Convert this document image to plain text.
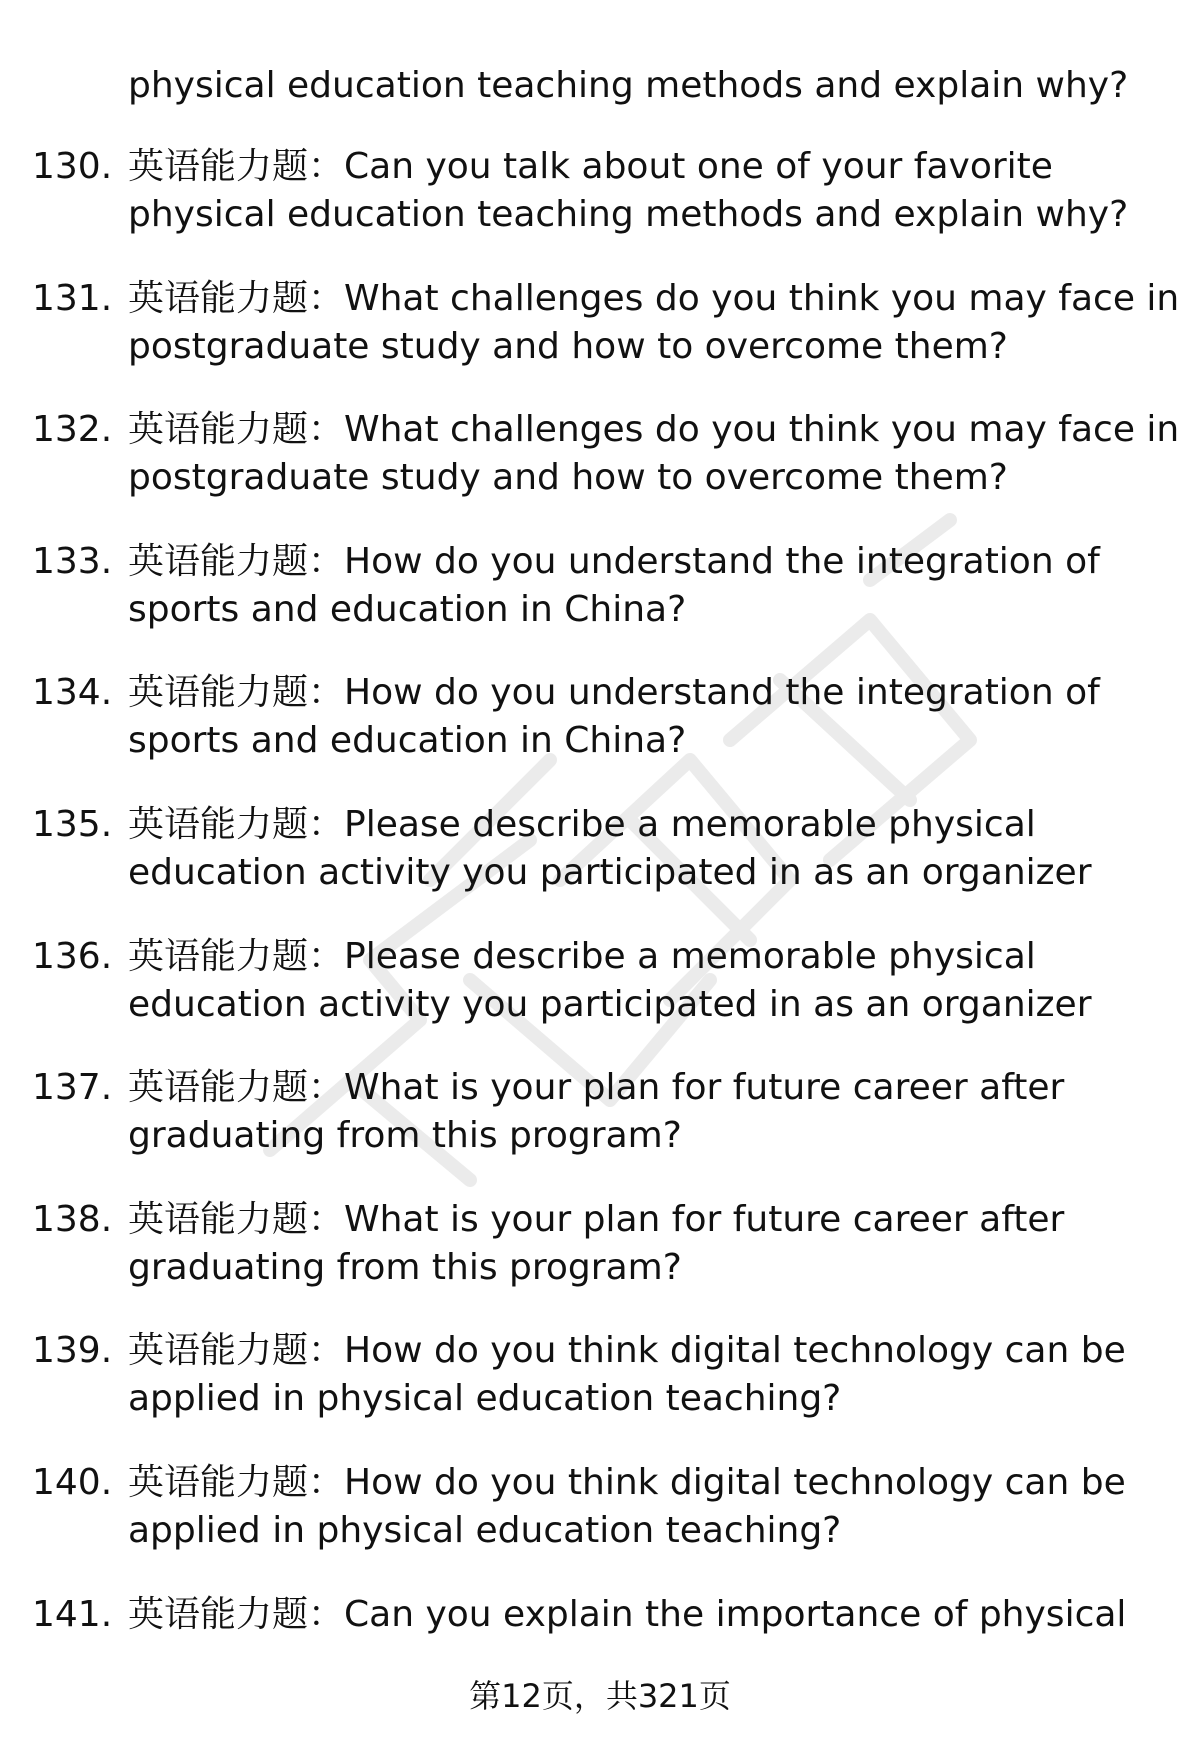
physical education teaching methods and explain why?
130. 英语能力题：Can you talk about one of your favorite
physical education teaching methods and explain why?
131. 英语能力题：What challenges do you think you may face in
postgraduate study and how to overcome them?
132. 英语能力题：What challenges do you think you may face in
postgraduate study and how to overcome them?
133. 英语能力题：How do you understand the integration of
sports and education in China?
134. 英语能力题：How do you understand the integration of
sports and education in China?
135. 英语能力题：Please describe a memorable physical
education activity you participated in as an organizer
136. 英语能力题：Please describe a memorable physical
education activity you participated in as an organizer
137. 英语能力题：What is your plan for future career after
graduating from this program?
138. 英语能力题：What is your plan for future career after
graduating from this program?
139. 英语能力题：How do you think digital technology can be
applied in physical education teaching?
140. 英语能力题：How do you think digital technology can be
applied in physical education teaching?
141. 英语能力题：Can you explain the importance of physical
第12页，共321页
